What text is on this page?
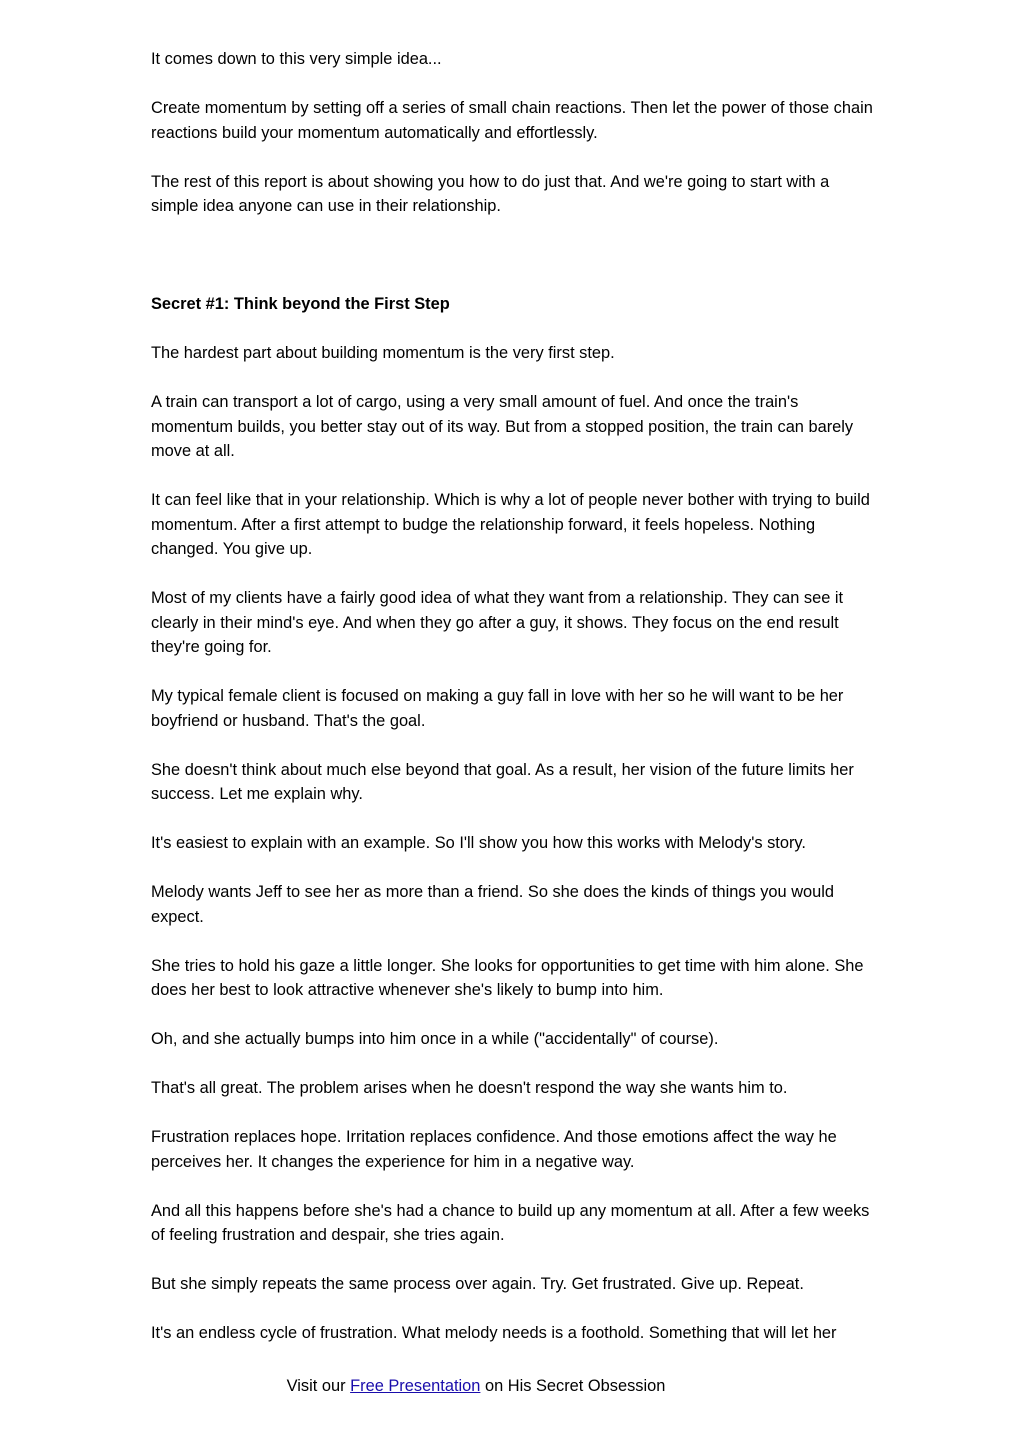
It comes down to this very simple idea...

Create momentum by setting off a series of small chain reactions. Then let the power of those chain reactions build your momentum automatically and effortlessly.

The rest of this report is about showing you how to do just that. And we're going to start with a simple idea anyone can use in their relationship.

Secret #1: Think beyond the First Step

The hardest part about building momentum is the very first step.

A train can transport a lot of cargo, using a very small amount of fuel. And once the train's momentum builds, you better stay out of its way. But from a stopped position, the train can barely move at all.

It can feel like that in your relationship. Which is why a lot of people never bother with trying to build momentum. After a first attempt to budge the relationship forward, it feels hopeless. Nothing changed. You give up.

Most of my clients have a fairly good idea of what they want from a relationship. They can see it clearly in their mind's eye. And when they go after a guy, it shows. They focus on the end result they're going for.

My typical female client is focused on making a guy fall in love with her so he will want to be her boyfriend or husband. That's the goal.

She doesn't think about much else beyond that goal. As a result, her vision of the future limits her success. Let me explain why.

It's easiest to explain with an example. So I'll show you how this works with Melody's story.

Melody wants Jeff to see her as more than a friend. So she does the kinds of things you would expect.

She tries to hold his gaze a little longer. She looks for opportunities to get time with him alone. She does her best to look attractive whenever she's likely to bump into him.

Oh, and she actually bumps into him once in a while ("accidentally" of course).

That's all great. The problem arises when he doesn't respond the way she wants him to.

Frustration replaces hope. Irritation replaces confidence. And those emotions affect the way he perceives her. It changes the experience for him in a negative way.

And all this happens before she's had a chance to build up any momentum at all. After a few weeks of feeling frustration and despair, she tries again.

But she simply repeats the same process over again. Try. Get frustrated. Give up. Repeat.

It's an endless cycle of frustration. What melody needs is a foothold. Something that will let her

Visit our Free Presentation on His Secret Obsession
